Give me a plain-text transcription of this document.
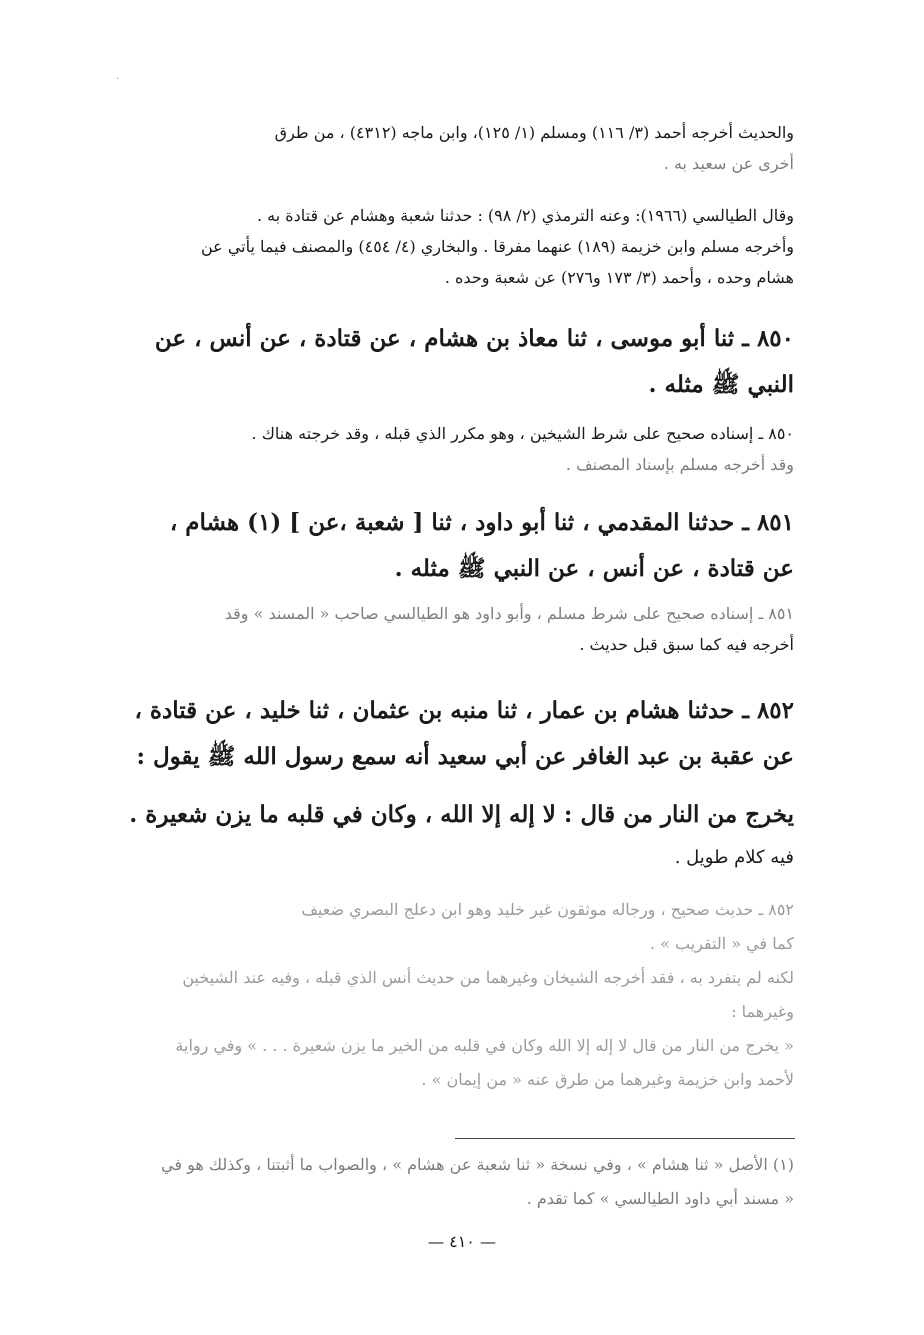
·
والحديث أخرجه أحمد (٣/ ١١٦) ومسلم (١/ ١٢٥)، وابن ماجه (٤٣١٢) ، من طرق
أخرى عن سعيد به .
وقال الطيالسي (١٩٦٦): وعنه الترمذي (٢/ ٩٨) : حدثنا شعبة وهشام عن قتادة به .
وأخرجه مسلم وابن خزيمة (١٨٩) عنهما مفرقا . والبخاري (٤/ ٤٥٤) والمصنف فيما يأتي عن
هشام وحده ، وأحمد (٣/ ١٧٣ و٢٧٦) عن شعبة وحده .
٨٥٠ ـ ثنا أبو موسى ، ثنا معاذ بن هشام ، عن قتادة ، عن أنس ، عن
النبي ﷺ مثله .
٨٥٠ ـ إسناده صحيح على شرط الشيخين ، وهو مكرر الذي قبله ، وقد خرجته هناك .
وقد أخرجه مسلم بإسناد المصنف .
٨٥١ ـ حدثنا المقدمي ، ثنا أبو داود ، ثنا [ شعبة ،عن ] (١) هشام ،
عن قتادة ، عن أنس ، عن النبي ﷺ مثله .
٨٥١ ـ إسناده صحيح على شرط مسلم ، وأبو داود هو الطيالسي صاحب « المسند » وقد
أخرجه فيه كما سبق قبل حديث .
٨٥٢ ـ حدثنا هشام بن عمار ، ثنا منبه بن عثمان ، ثنا خليد ، عن قتادة ،
عن عقبة بن عبد الغافر عن أبي سعيد أنه سمع رسول الله ﷺ يقول :
يخرج من النار من قال : لا إله إلا الله ، وكان في قلبه ما يزن شعيرة .
فيه كلام طويل .
٨٥٢ ـ حديث صحيح ، ورجاله موثقون غير خليد وهو ابن دعلج البصري ضعيف
كما في « التقريب » .
لكنه لم يتفرد به ، فقد أخرجه الشيخان وغيرهما من حديث أنس الذي قبله ، وفيه عند الشيخين
وغيرهما :
« يخرج من النار من قال لا إله إلا الله وكان في قلبه من الخير ما يزن شعيرة . . . » وفي رواية
لأحمد وابن خزيمة وغيرهما من طرق عنه « من إيمان » .
(١) الأصل « ثنا هشام » ، وفي نسخة « ثنا شعبة عن هشام » ، والصواب ما أثبتنا ، وكذلك هو في
« مسند أبي داود الطيالسي » كما تقدم .
— ٤١٠ —
